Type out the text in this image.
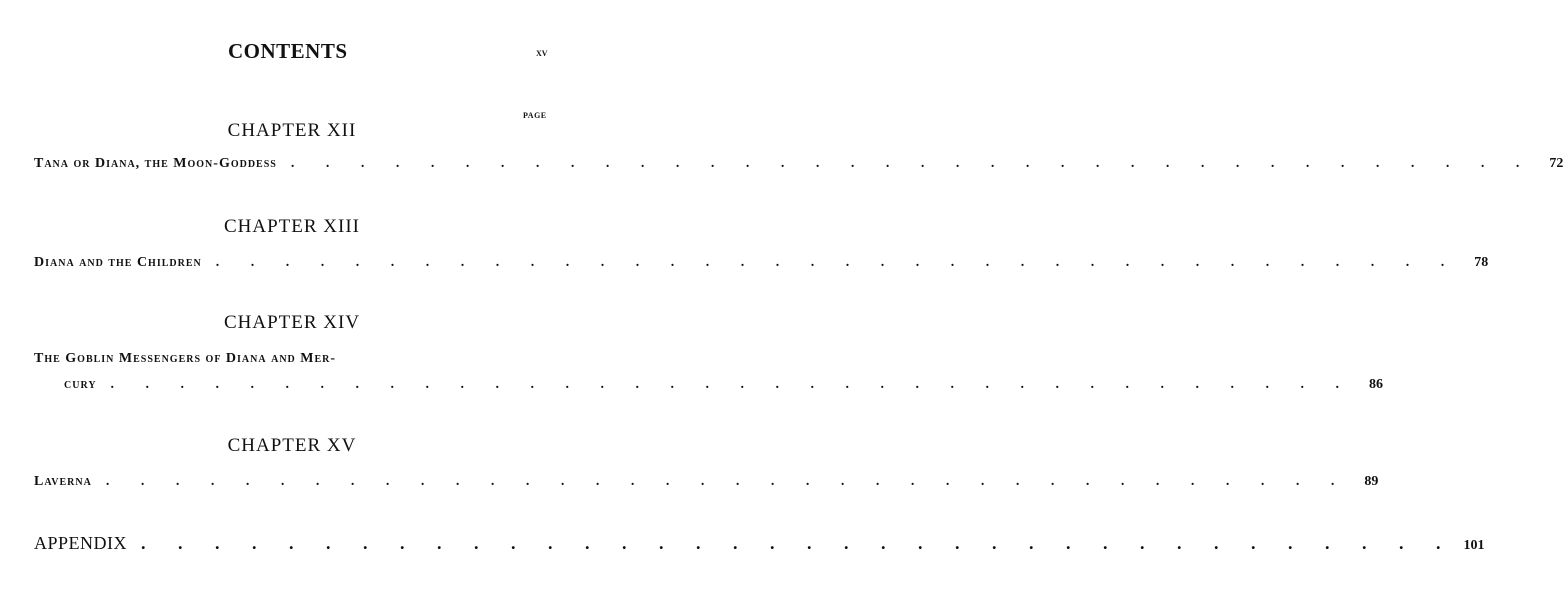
CONTENTS	xv
PAGE
CHAPTER XII
Tana or Diana, the Moon-Goddess	. . . . . . . . . . . . . . . . . . . . . . . . . . . . . . . . . . . .	72
CHAPTER XIII
Diana and the Children	. . . . . . . . . . . . . . . . . . . . . . . . . . . . . . . . . . . .	78
CHAPTER XIV
The Goblin Messengers of Diana and Mer-
cury	. . . . . . . . . . . . . . . . . . . . . . . . . . . . . . . . . . . .	86
CHAPTER XV
Laverna	. . . . . . . . . . . . . . . . . . . . . . . . . . . . . . . . . . . .	89
APPENDIX . . . . . . . . . . . . . . . . . . . . . . . . . . . . . . . . . . . . 101
